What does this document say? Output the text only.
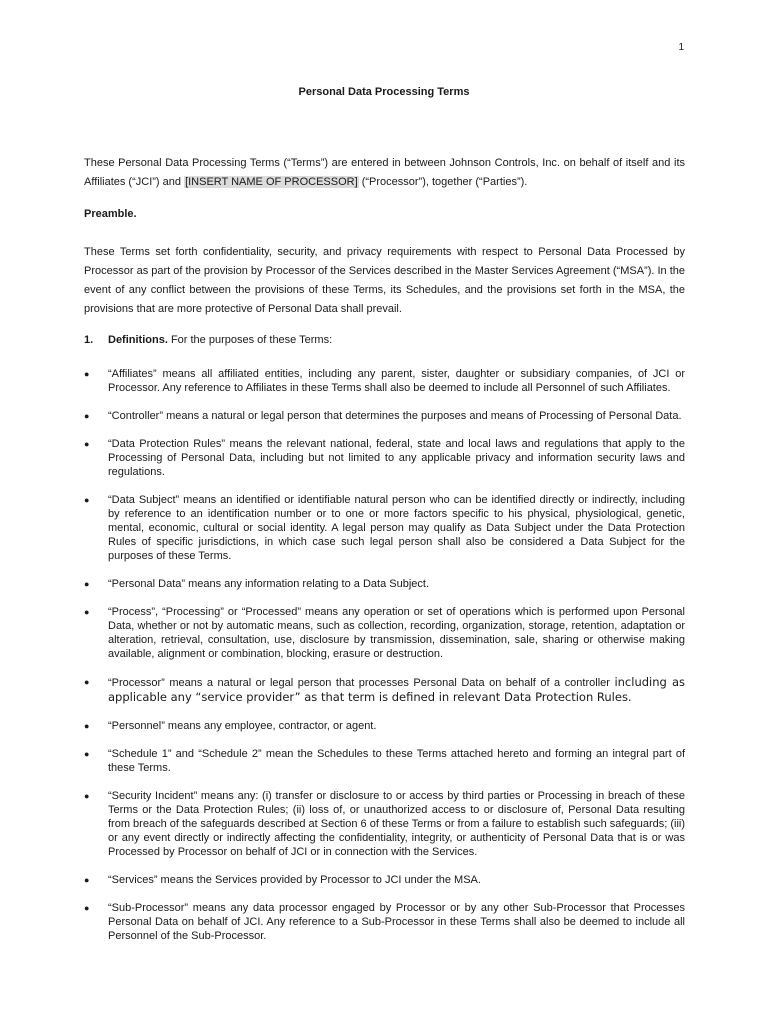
1
Personal Data Processing Terms
These Personal Data Processing Terms (“Terms”) are entered in between Johnson Controls, Inc. on behalf of itself and its Affiliates (“JCI”) and [INSERT NAME OF PROCESSOR] (“Processor”), together (“Parties”).
Preamble.
These Terms set forth confidentiality, security, and privacy requirements with respect to Personal Data Processed by Processor as part of the provision by Processor of the Services described in the Master Services Agreement (“MSA”). In the event of any conflict between the provisions of these Terms, its Schedules, and the provisions set forth in the MSA, the provisions that are more protective of Personal Data shall prevail.
1. Definitions. For the purposes of these Terms:
●	“Affiliates” means all affiliated entities, including any parent, sister, daughter or subsidiary companies, of JCI or Processor. Any reference to Affiliates in these Terms shall also be deemed to include all Personnel of such Affiliates.
●	“Controller” means a natural or legal person that determines the purposes and means of Processing of Personal Data.
●	“Data Protection Rules” means the relevant national, federal, state and local laws and regulations that apply to the Processing of Personal Data, including but not limited to any applicable privacy and information security laws and regulations.
●	“Data Subject” means an identified or identifiable natural person who can be identified directly or indirectly, including by reference to an identification number or to one or more factors specific to his physical, physiological, genetic, mental, economic, cultural or social identity. A legal person may qualify as Data Subject under the Data Protection Rules of specific jurisdictions, in which case such legal person shall also be considered a Data Subject for the purposes of these Terms.
●	“Personal Data” means any information relating to a Data Subject.
●	“Process”, “Processing” or “Processed” means any operation or set of operations which is performed upon Personal Data, whether or not by automatic means, such as collection, recording, organization, storage, retention, adaptation or alteration, retrieval, consultation, use, disclosure by transmission, dissemination, sale, sharing or otherwise making available, alignment or combination, blocking, erasure or destruction.
●	“Processor” means a natural or legal person that processes Personal Data on behalf of a controller including as applicable any “service provider” as that term is defined in relevant Data Protection Rules.
●	“Personnel” means any employee, contractor, or agent.
●	“Schedule 1” and “Schedule 2” mean the Schedules to these Terms attached hereto and forming an integral part of these Terms.
●	“Security Incident” means any: (i) transfer or disclosure to or access by third parties or Processing in breach of these Terms or the Data Protection Rules; (ii) loss of, or unauthorized access to or disclosure of, Personal Data resulting from breach of the safeguards described at Section 6 of these Terms or from a failure to establish such safeguards; (iii) or any event directly or indirectly affecting the confidentiality, integrity, or authenticity of Personal Data that is or was Processed by Processor on behalf of JCI or in connection with the Services.
●	“Services” means the Services provided by Processor to JCI under the MSA.
●	“Sub-Processor” means any data processor engaged by Processor or by any other Sub-Processor that Processes Personal Data on behalf of JCI. Any reference to a Sub-Processor in these Terms shall also be deemed to include all Personnel of the Sub-Processor.
